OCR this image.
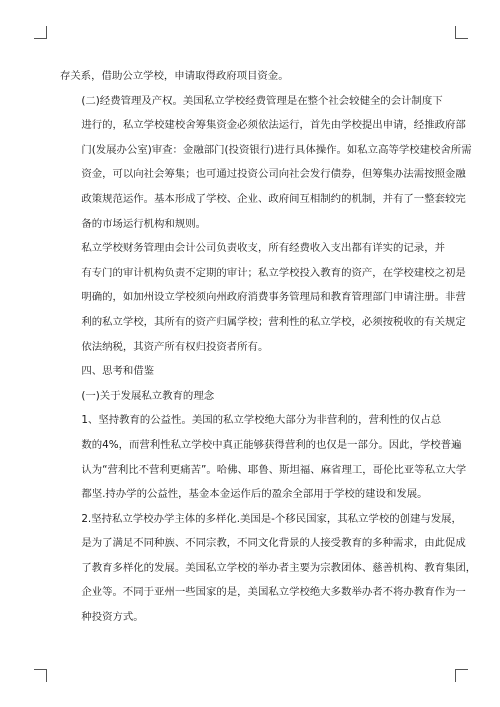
存关系，借助公立学校，申请取得政府项目资金。

(二)经费管理及产权。美国私立学校经费管理是在整个社会较健全的会计制度下
进行的，私立学校建校舍筹集资金必须依法运行，首先由学校提出申请，经推政府部
门(发展办公室)审查：金融部门(投资银行)进行具体操作。如私立高等学校建校舍所需
资金，可以向社会筹集；也可通过投资公司向社会发行债券，但筹集办法需按照金融
政策规范运作。基本形成了学校、企业、政府间互相制约的机制，并有了一整套较完
备的市场运行机构和规则。

私立学校财务管理由会计公司负责收支，所有经费收入支出都有详实的记录，并
有专门的审计机构负责不定期的审计；私立学校投入教育的资产，在学校建校之初是
明确的，如加州设立学校须向州政府消费事务管理局和教育管理部门申请注册。非营
利的私立学校，其所有的资产归属学校；营利性的私立学校，必须按税收的有关规定
依法纳税，其资产所有权归投资者所有。

四、思考和借鉴

(一)关于发展私立教育的理念

1、坚持教育的公益性。美国的私立学校绝大部分为非营利的，营利性的仅占总
数的4%，而营利性私立学校中真正能够获得营利的也仅是一部分。因此，学校普遍
认为“营利比不营利更痛苦”。哈佛、耶鲁、斯坦福、麻省理工，哥伦比亚等私立大学
都坚.持办学的公益性，基金本金运作后的盈余全部用于学校的建设和发展。

2.坚持私立学校办学主体的多样化.美国是-个移民国家，其私立学校的创建与发展，
是为了满足不同种族、不同宗教，不同文化背景的人接受教育的多种需求，由此促成
了教育多样化的发展。美国私立学校的举办者主要为宗教团体、慈善机构、教育集团，
企业等。不同于亚州一些国家的是，美国私立学校绝大多数举办者不将办教育作为一
种投资方式。
